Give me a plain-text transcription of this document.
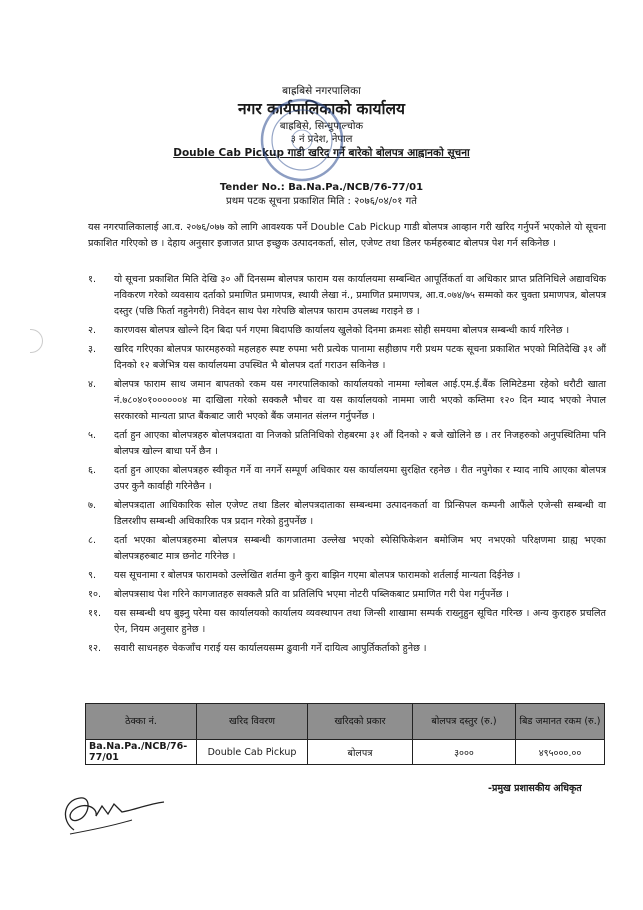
बाह्रबिसे नगरपालिका
नगर कार्यपालिकाको कार्यालय
बाह्रबिसे, सिन्धुपाल्चोक
३ नं प्रदेश, नेपाल
Double Cab Pickup गाडी खरिद गर्ने बारेको बोलपत्र आह्वानको सूचना
Tender No.: Ba.Na.Pa./NCB/76-77/01
प्रथम पटक सूचना प्रकाशित मिति : २०७६/०४/०१ गते
यस नगरपालिकालाई आ.व. २०७६/०७७ को लागि आवश्यक पर्ने Double Cab Pickup गाडी बोलपत्र आव्हान गरी खरिद गर्नुपर्ने भएकोले यो सूचना प्रकाशित गरिएको छ । देहाय अनुसार इजाजत प्राप्त इच्छुक उत्पादनकर्ता, सोल, एजेण्ट तथा डिलर फर्महरुबाट बोलपत्र पेश गर्न सकिनेछ ।
१.	यो सूचना प्रकाशित मिति देखि ३० औं दिनसम्म बोलपत्र फाराम यस कार्यालयमा सम्बन्धित आपूर्तिकर्ता वा अधिकार प्राप्त प्रतिनिधिले अद्यावधिक नविकरण गरेको व्यवसाय दर्ताको प्रमाणित प्रमाणपत्र, स्थायी लेखा नं., प्रमाणित प्रमाणपत्र, आ.व.०७४/७५ सम्मको कर चुक्ता प्रमाणपत्र, बोलपत्र दस्तुर (पछि फिर्ता नहुनेगरी) निवेदन साथ पेश गरेपछि बोलपत्र फाराम उपलब्ध गराइने छ ।
२.	कारणवस बोलपत्र खोल्ने दिन बिदा पर्न गएमा बिदापछि कार्यालय खुलेको दिनमा क्रमशः सोही समयमा बोलपत्र सम्बन्धी कार्य गरिनेछ ।
३.	खरिद गरिएका बोलपत्र फारमहरुको महलहरु स्पष्ट रुपमा भरी प्रत्येक पानामा सहीछाप गरी प्रथम पटक सूचना प्रकाशित भएको मितिदेखि ३१ औं दिनको १२ बजेभित्र यस कार्यालयमा उपस्थित भै बोलपत्र दर्ता गराउन सकिनेछ ।
४.	बोलपत्र फाराम साथ जमान बापतको रकम यस नगरपालिकाको कार्यालयको नाममा ग्लोबल आई.एम.ई.बैंक लिमिटेडमा रहेको धरौटी खाता नं.७८०४०१००००००४ मा दाखिला गरेको सक्कलै भौचर वा यस कार्यालयको नाममा जारी भएको कम्तिमा १२० दिन म्याद भएको नेपाल सरकारको मान्यता प्राप्त बैंकबाट जारी भएको बैंक जमानत संलग्न गर्नुपर्नेछ ।
५.	दर्ता हुन आएका बोलपत्रहरु बोलपत्रदाता वा निजको प्रतिनिधिको रोहबरमा ३१ औं दिनको २ बजे खोलिने छ । तर निजहरुको अनुपस्थितिमा पनि बोलपत्र खोल्न बाधा पर्ने छैन ।
६.	दर्ता हुन आएका बोलपत्रहरु स्वीकृत गर्ने वा नगर्ने सम्पूर्ण अधिकार यस कार्यालयमा सुरक्षित रहनेछ । रीत नपुगेका र म्याद नाघि आएका बोलपत्र उपर कुनै कार्वाही गरिनेछैन ।
७.	बोलपत्रदाता आधिकारिक सोल एजेण्ट तथा डिलर बोलपत्रदाताका सम्बन्धमा उत्पादनकर्ता वा प्रिन्सिपल कम्पनी आफैंले एजेन्सी सम्बन्धी वा डिलरशीप सम्बन्धी अधिकारिक पत्र प्रदान गरेको हुनुपर्नेछ ।
८.	दर्ता भएका बोलपत्रहरुमा बोलपत्र सम्बन्धी कागजातमा उल्लेख भएको स्पेसिफिकेशन बमोजिम भए नभएको परिक्षणमा ग्राह्य भएका बोलपत्रहरुबाट मात्र छनोट गरिनेछ ।
९.	यस सूचनामा र बोलपत्र फारामको उल्लेखित शर्तमा कुनै कुरा बाझिन गएमा बोलपत्र फारामको शर्तलाई मान्यता दिईनेछ ।
१०.	बोलपत्रसाथ पेश गरिने कागजातहरु सक्कलै प्रति वा प्रतिलिपि भएमा नोटरी पब्लिकबाट प्रमाणित गरी पेश गर्नुपर्नेछ ।
११.	यस सम्बन्धी थप बुझ्नु परेमा यस कार्यालयको कार्यालय व्यवस्थापन तथा जिन्सी शाखामा सम्पर्क राख्नुहुन सूचित गरिन्छ । अन्य कुराहरु प्रचलित ऐन, नियम अनुसार हुनेछ ।
१२.	सवारी साधनहरु चेकजाँच गराई यस कार्यालयसम्म ढुवानी गर्ने दायित्व आपुर्तिकर्ताको हुनेछ ।
ठेक्का नं.	खरिद विवरण	खरिदको प्रकार	बोलपत्र दस्तुर (रु.)	बिड जमानत रकम (रु.)
Ba.Na.Pa./NCB/76-77/01	Double Cab Pickup	बोलपत्र	३०००	४९५०००.००
-प्रमुख प्रशासकीय अधिकृत
